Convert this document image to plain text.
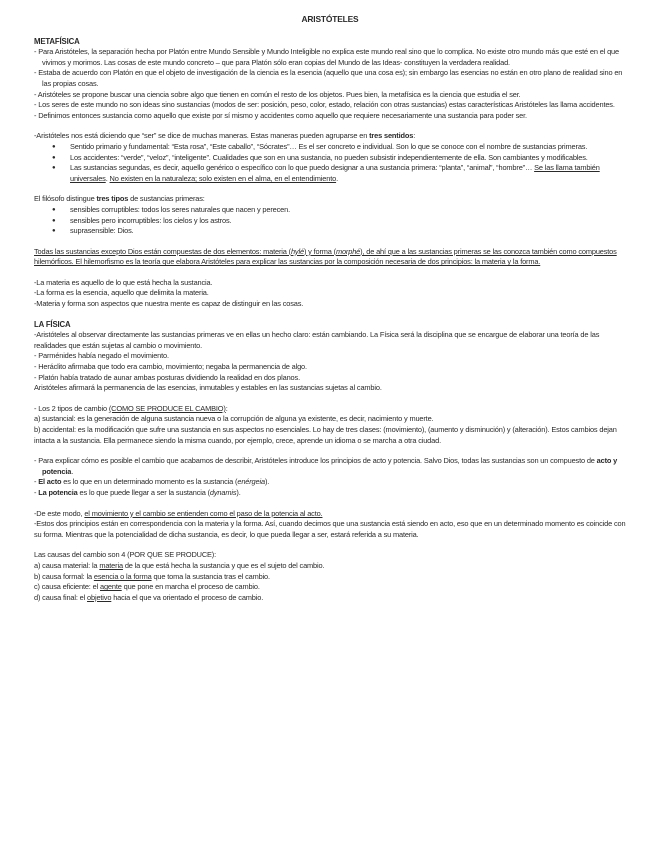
ARISTÓTELES

METAFÍSICA

- Para Aristóteles, la separación hecha por Platón entre Mundo Sensible y Mundo Inteligible no explica este mundo real sino que lo complica. No existe otro mundo más que esté en el que vivimos y morimos. Las cosas de este mundo concreto – que para Platón sólo eran copias del Mundo de las Ideas- constituyen la verdadera realidad.

- Estaba de acuerdo con Platón en que el objeto de investigación de la ciencia es la esencia (aquello que una cosa es); sin embargo las esencias no están en otro plano de realidad sino en las propias cosas.

- Aristóteles se propone buscar una ciencia sobre algo que tienen en común el resto de los objetos. Pues bien, la metafísica es la ciencia que estudia el ser.

- Los seres de este mundo no son ideas sino sustancias (modos de ser: posición, peso, color, estado, relación con otras sustancias) estas características Aristóteles las llama accidentes.

- Definimos entonces sustancia como aquello que existe por sí mismo y accidentes como aquello que requiere necesariamente una sustancia para poder ser.

-Aristóteles nos está diciendo que “ser” se dice de muchas maneras. Estas maneras pueden agruparse en tres sentidos:

● Sentido primario y fundamental: “Esta rosa”, “Este caballo”, “Sócrates”… Es el ser concreto e individual. Son lo que se conoce con el nombre de sustancias primeras.
● Los accidentes: “verde”, “veloz”, “inteligente”. Cualidades que son en una sustancia, no pueden subsistir independientemente de ella. Son cambiantes y modificables.
● Las sustancias segundas, es decir, aquello genérico o específico con lo que puedo designar a una sustancia primera: “planta”, “animal”, “hombre”… Se las llama también universales. No existen en la naturaleza; solo existen en el alma, en el entendimiento.

El filósofo distingue tres tipos de sustancias primeras:

● sensibles corruptibles: todos los seres naturales que nacen y perecen.
● sensibles pero incorruptibles: los cielos y los astros.
● suprasensible: Dios.

Todas las sustancias excepto Dios están compuestas de dos elementos: materia (hylé) y forma (morphé), de ahí que a las sustancias primeras se las conozca también como compuestos hilemórficos. El hilemorfismo es la teoría que elabora Aristóteles para explicar las sustancias por la composición necesaria de dos principios: la materia y la forma.

-La materia es aquello de lo que está hecha la sustancia.

-La forma es la esencia, aquello que delimita la materia.

-Materia y forma son aspectos que nuestra mente es capaz de distinguir en las cosas.

LA FÍSICA

-Aristóteles al observar directamente las sustancias primeras ve en ellas un hecho claro: están cambiando. La Física será la disciplina que se encargue de elaborar una teoría de las realidades que están sujetas al cambio o movimiento.

- Parménides había negado el movimiento.

- Heráclito afirmaba que todo era cambio, movimiento; negaba la permanencia de algo.

- Platón había tratado de aunar ambas posturas dividiendo la realidad en dos planos.

Aristóteles afirmará la permanencia de las esencias, inmutables y estables en las sustancias sujetas al cambio.

- Los 2 tipos de cambio (COMO SE PRODUCE EL CAMBIO):

a) sustancial: es la generación de alguna sustancia nueva o la corrupción de alguna ya existente, es decir, nacimiento y muerte.

b) accidental: es la modificación que sufre una sustancia en sus aspectos no esenciales. Lo hay de tres clases: (movimiento), (aumento y disminución) y (alteración). Estos cambios dejan intacta a la sustancia. Ella permanece siendo la misma cuando, por ejemplo, crece, aprende un idioma o se marcha a otra ciudad.

- Para explicar cómo es posible el cambio que acabamos de describir, Aristóteles introduce los principios de acto y potencia. Salvo Dios, todas las sustancias son un compuesto de acto y potencia.

- El acto es lo que en un determinado momento es la sustancia (enérgeia).

- La potencia es lo que puede llegar a ser la sustancia (dynamis).

-De este modo, el movimiento y el cambio se entienden como el paso de la potencia al acto.

-Estos dos principios están en correspondencia con la materia y la forma. Así, cuando decimos que una sustancia está siendo en acto, eso que en un determinado momento es coincide con su forma. Mientras que la potencialidad de dicha sustancia, es decir, lo que pueda llegar a ser, estará referida a su materia.

Las causas del cambio son 4 (POR QUE SE PRODUCE):

a) causa material: la materia de la que está hecha la sustancia y que es el sujeto del cambio.

b) causa formal: la esencia o la forma que toma la sustancia tras el cambio.

c) causa eficiente: el agente que pone en marcha el proceso de cambio.

d) causa final: el objetivo hacia el que va orientado el proceso de cambio.
